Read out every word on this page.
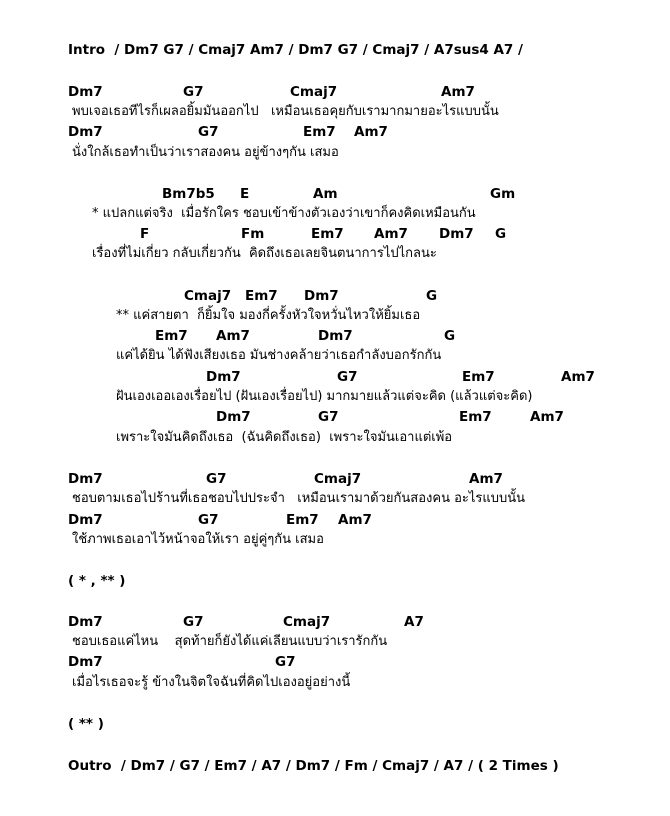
Intro  / Dm7 G7 / Cmaj7 Am7 / Dm7 G7 / Cmaj7 / A7sus4 A7 /
Dm7	G7	Cmaj7	Am7
พบเจอเธอทีไรก็เผลอยิ้มมันออกไป   เหมือนเธอคุยกับเรามากมายอะไรแบบนั้น
Dm7	G7	Em7 Am7
นั่งใกล้เธอทำเป็นว่าเราสองคน อยู่ข้างๆกัน เสมอ
Bm7b5 E	Am	Gm
* แปลกแต่จริง  เมื่อรักใคร ชอบเข้าข้างตัวเองว่าเขาก็คงคิดเหมือนกัน
F	Fm	Em7 Am7 Dm7 G
เรื่องที่ไม่เกี่ยว กลับเกี่ยวกัน  คิดถึงเธอเลยจินตนาการไปไกลนะ
Cmaj7 Em7 Dm7	G
** แค่สายตา  ก็ยิ้มใจ มองกี่ครั้งหัวใจหวั่นไหวให้ยิ้มเธอ
Em7 Am7	Dm7	G
แค่ได้ยิน ได้ฟังเสียงเธอ มันช่างคล้ายว่าเธอกำลังบอกรักกัน
Dm7	G7	Em7	Am7
ฝันเองเออเองเรื่อยไป (ฝันเองเรื่อยไป) มากมายแล้วแต่จะคิด (แล้วแต่จะคิด)
Dm7	G7	Em7	Am7
เพราะใจมันคิดถึงเธอ  (ฉันคิดถึงเธอ)  เพราะใจมันเอาแต่เพ้อ
Dm7	G7	Cmaj7	Am7
ชอบตามเธอไปร้านที่เธอชอบไปประจำ   เหมือนเรามาด้วยกันสองคน อะไรแบบนั้น
Dm7	G7	Em7 Am7
ใช้ภาพเธอเอาไว้หน้าจอให้เรา อยู่คู่ๆกัน เสมอ
( * , ** )
Dm7	G7	Cmaj7	A7
ชอบเธอแค่ไหน    สุดท้ายก็ยังได้แค่เลียนแบบว่าเรารักกัน
Dm7	G7
เมื่อไรเธอจะรู้ ข้างในจิตใจฉันที่คิดไปเองอยู่อย่างนี้
( ** )
Outro  / Dm7 / G7 / Em7 / A7 / Dm7 / Fm / Cmaj7 / A7 / ( 2 Times )
